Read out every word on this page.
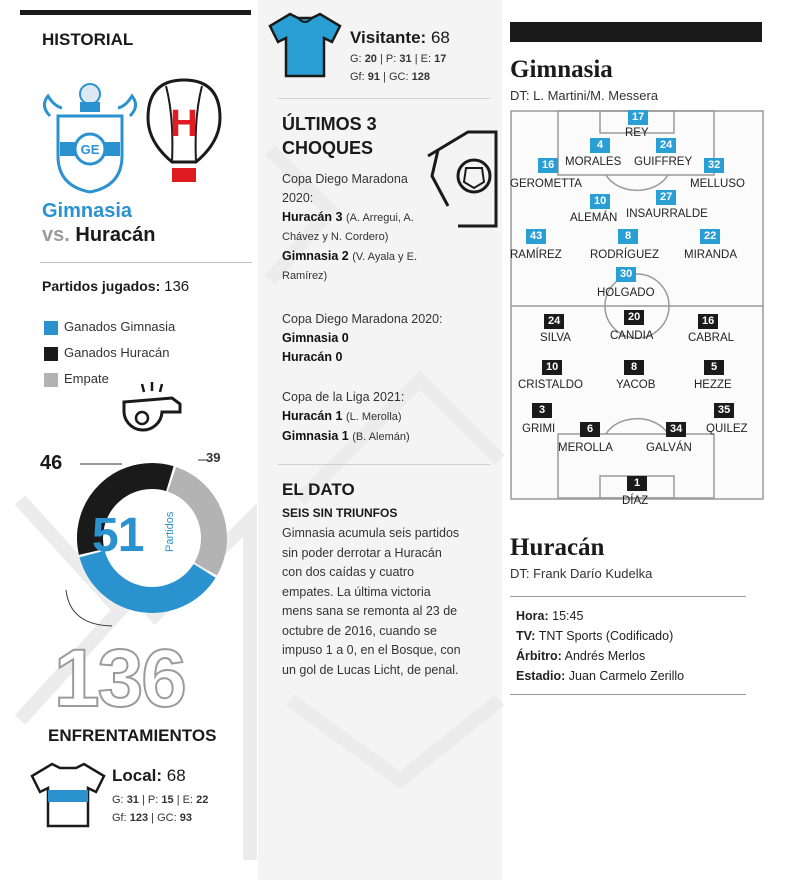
HISTORIAL
GE
H
Gimnasia
vs. Huracán
Partidos jugados: 136
Ganados Gimnasia
Ganados Huracán
Empate
46	39
51 Partidos
136
ENFRENTAMIENTOS
Local: 68
G: 31 | P: 15 | E: 22
Gf: 123 | GC: 93
Visitante: 68
G: 20 | P: 31 | E: 17
Gf: 91 | GC: 128
ÚLTIMOS 3
CHOQUES
Copa Diego Maradona
2020:
Huracán 3 (A. Arregui, A.
Chávez y N. Cordero)
Gimnasia 2 (V. Ayala y E.
Ramírez)
Copa Diego Maradona 2020:
Gimnasia 0
Huracán 0
Copa de la Liga 2021:
Huracán 1 (L. Merolla)
Gimnasia 1 (B. Alemán)
EL DATO
SEIS SIN TRIUNFOS
Gimnasia acumula seis partidos
sin poder derrotar a Huracán
con dos caídas y cuatro
empates. La última victoria
mens sana se remonta al 23 de
octubre de 2016, cuando se
impuso 1 a 0, en el Bosque, con
un gol de Lucas Licht, de penal.
Gimnasia
DT: L. Martini/M. Messera
17
REY
4
MORALES
24
GUIFFREY
16
GEROMETTA
32
MELLUSO
10
ALEMÁN
27
INSAURRALDE
43
RAMÍREZ
8
RODRÍGUEZ
22
MIRANDA
30
HOLGADO
24
SILVA
20
CANDIA
16
CABRAL
10
CRISTALDO
8
YACOB
5
HEZZE
3
GRIMI	6
MEROLLA
34
GALVÁN
35
QUILEZ
1
DÍAZ
Huracán
DT: Frank Darío Kudelka
Hora: 15:45
TV: TNT Sports (Codificado)
Árbitro: Andrés Merlos
Estadio: Juan Carmelo Zerillo
